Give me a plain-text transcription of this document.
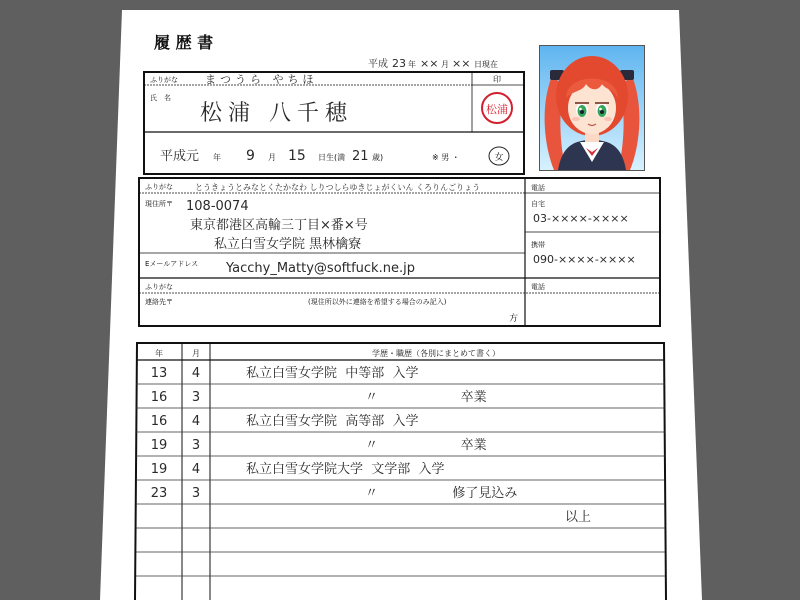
履 歴 書
平成 23 年 ×× 月 ×× 日現在
ふりがな まつうら やちほ
氏　名
松浦 八千穂
印
松浦
平成元 年 9 月 15 日生(満 21 歳)	※ 男 ・	女
ふりがな	とうきょうとみなとくたかなわ しりつしらゆきじょがくいん くろりんごりょう
現住所〒 108-0074
東京都港区高輪三丁目×番×号
私立白雪女学院 黒林檎寮
Eメールアドレス Yacchy_Matty@softfuck.ne.jp
電話
自宅
03-××××-××××
携帯
090-××××-××××
ふりがな
連絡先〒	(現住所以外に連絡を希望する場合のみ記入)
方
電話
年	月	学歴・職歴（各別にまとめて書く）
13 4	私立白雪女学院  中等部  入学
16 3	〃                    卒業
16 4	私立白雪女学院  高等部  入学
19 3	〃                    卒業
19 4	私立白雪女学院大学  文学部  入学
23 3	〃                  修了見込み
以上
